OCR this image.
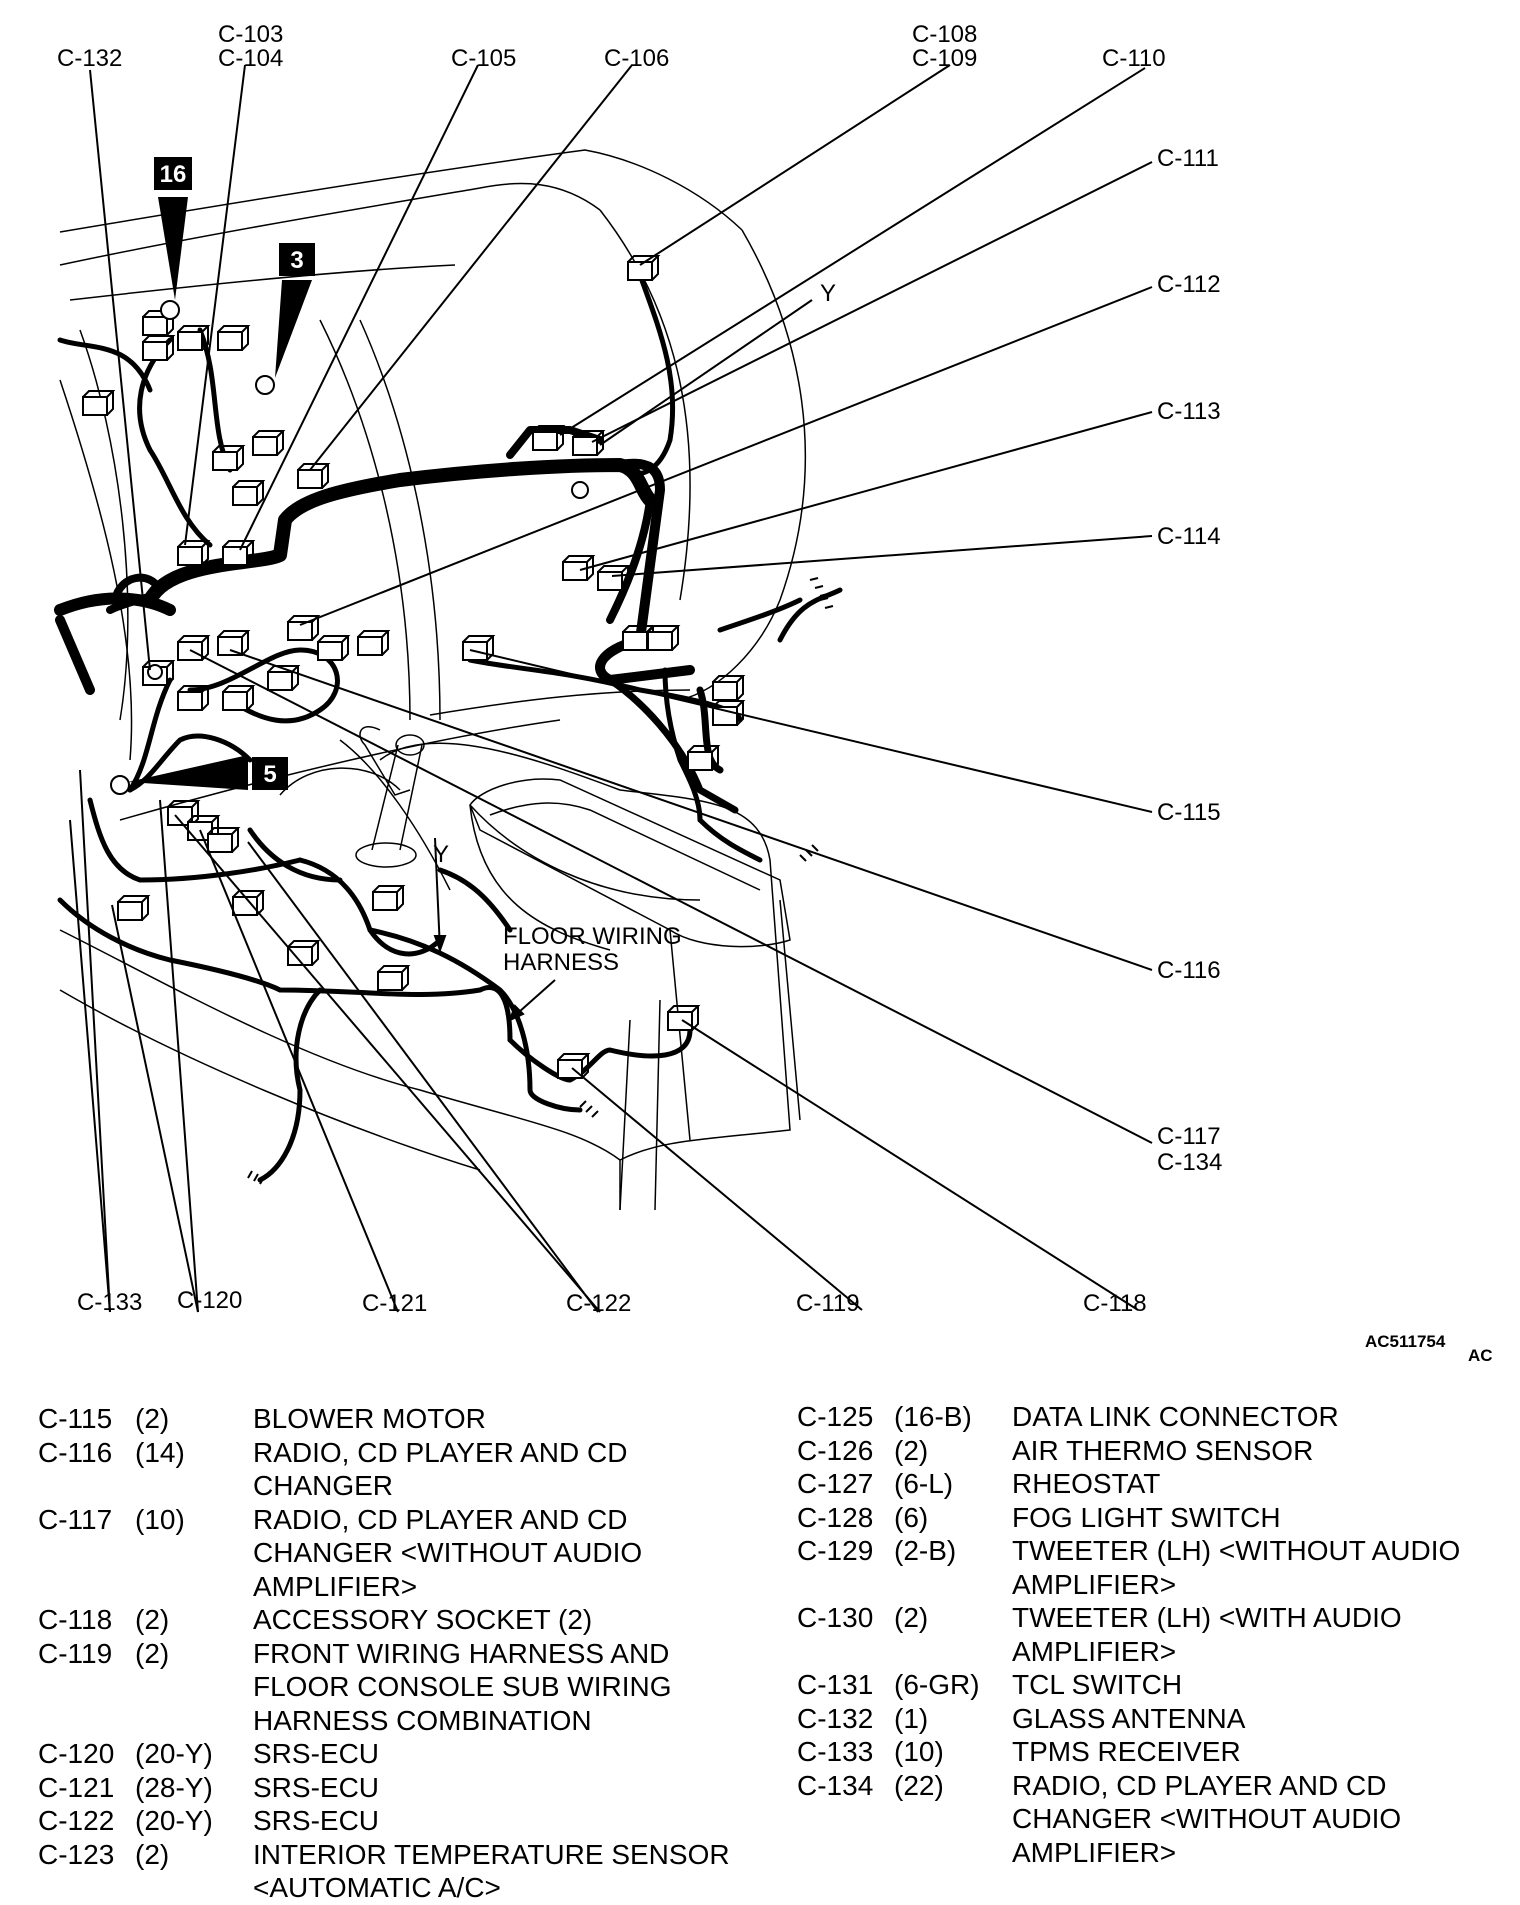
16
3
5
C-132
C-103
C-104	C-105	C-106
C-108
C-109	C-110
C-111
C-112
C-113
C-114
C-115
C-116
C-117
C-134
C-133 C-120	C-121	C-122	C-119	C-118
Y
Y
FLOOR WIRING
HARNESS
AC511754
AC
C-115 (2)	BLOWER MOTOR
C-116 (14) RADIO, CD PLAYER AND CD CHANGER
C-117 (10) RADIO, CD PLAYER AND CD CHANGER <WITHOUT AUDIO AMPLIFIER>
C-118 (2)	ACCESSORY SOCKET (2)
C-119 (2)	FRONT WIRING HARNESS AND FLOOR CONSOLE SUB WIRING HARNESS COMBINATION
C-120 (20-Y) SRS-ECU
C-121 (28-Y) SRS-ECU
C-122 (20-Y) SRS-ECU
C-123 (2)	INTERIOR TEMPERATURE SENSOR <AUTOMATIC A/C>
C-125 (16-B) DATA LINK CONNECTOR
C-126 (2)	AIR THERMO SENSOR
C-127 (6-L) RHEOSTAT
C-128 (6)	FOG LIGHT SWITCH
C-129 (2-B) TWEETER (LH) <WITHOUT AUDIO AMPLIFIER>
C-130 (2)	TWEETER (LH) <WITH AUDIO AMPLIFIER>
C-131 (6-GR) TCL SWITCH
C-132 (1)	GLASS ANTENNA
C-133 (10) TPMS RECEIVER
C-134 (22) RADIO, CD PLAYER AND CD CHANGER <WITHOUT AUDIO AMPLIFIER>
